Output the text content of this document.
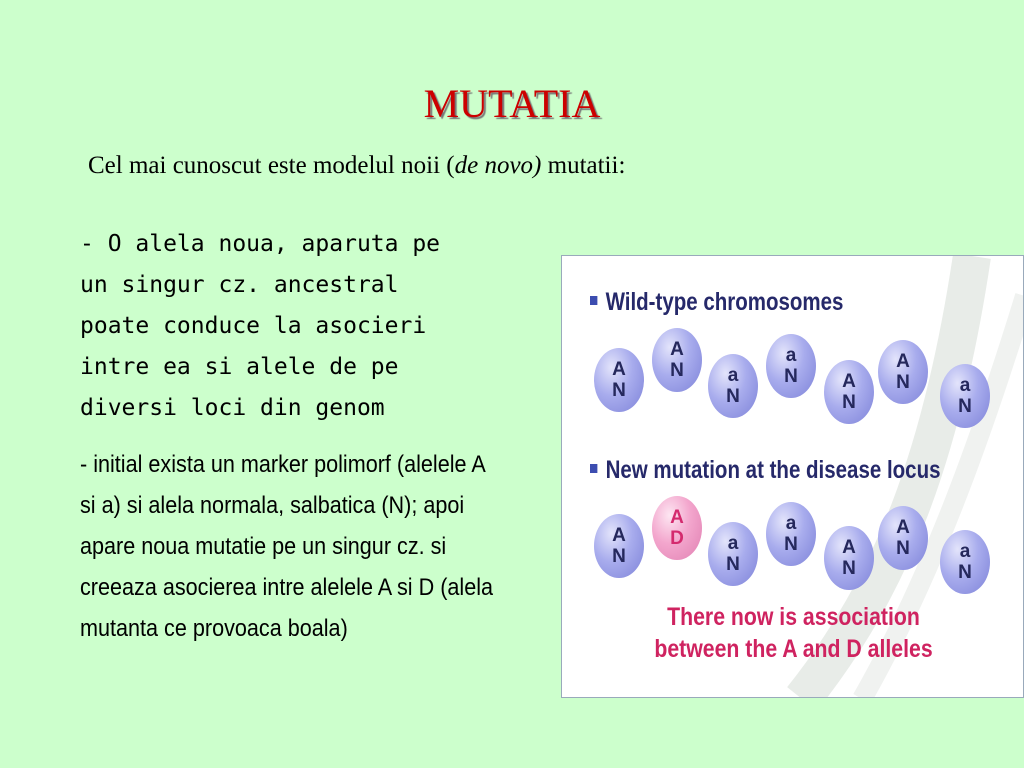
MUTATIA
Cel mai cunoscut este modelul noii (de novo) mutatii:
- O alela noua, aparuta pe
un singur cz. ancestral
poate conduce la asocieri
intre ea si alele de pe
diversi loci din genom
- initial exista un marker polimorf (alelele A si a) si alela normala, salbatica (N); apoi apare noua mutatie pe un singur cz. si creeaza asocierea intre alelele A si D (alela mutanta ce provoaca boala)
Wild-type chromosomes
A
N
A
N	a
N
a
N	A
N
A
N	a
N
New mutation at the disease locus
A
N
A
D	a
N
a
N	A
N
A
N	a
N
There now is association
between the A and D alleles
